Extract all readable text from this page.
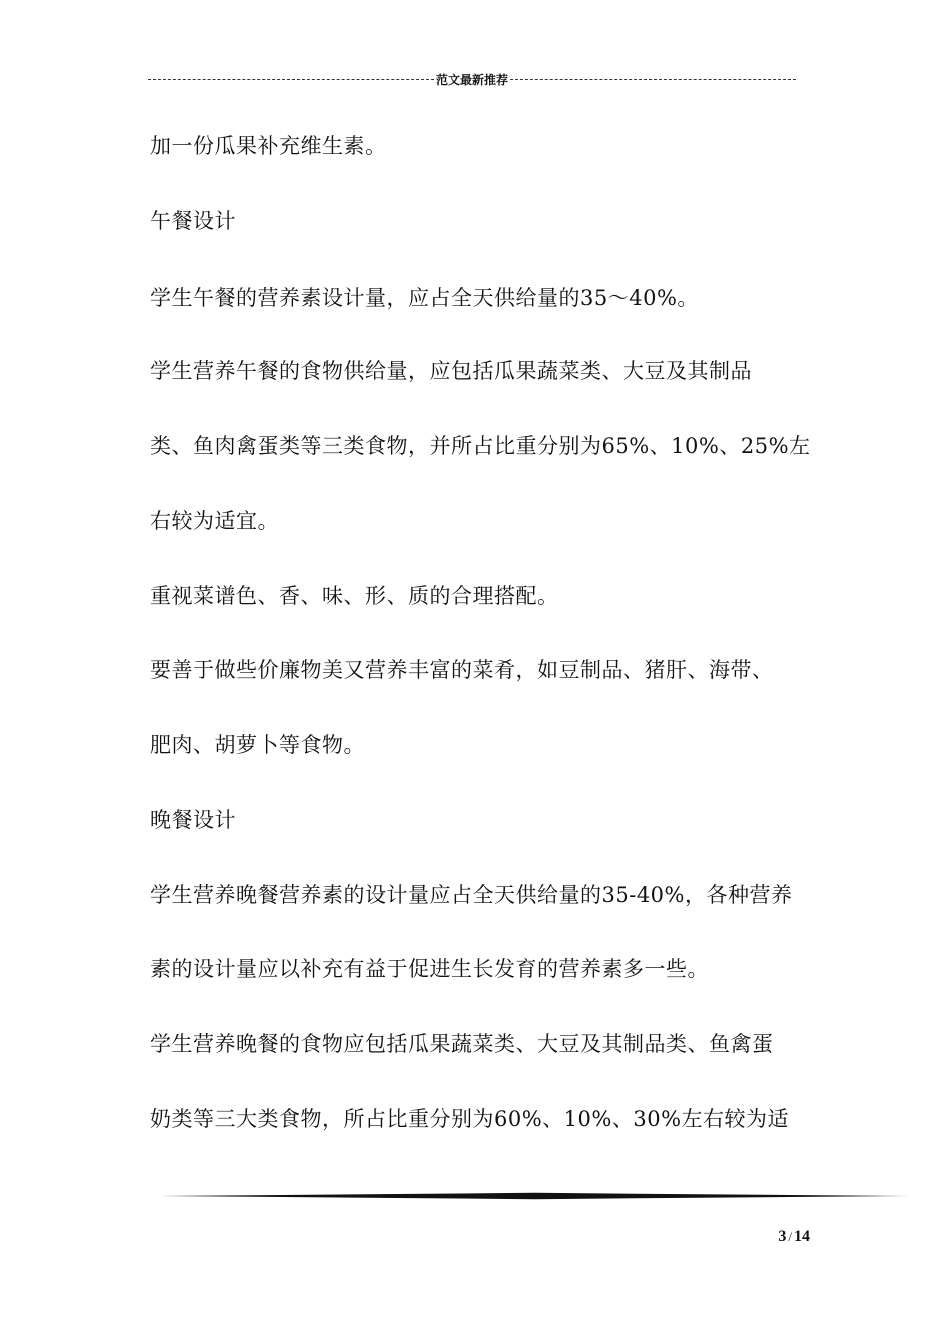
范文最新推荐
加一份瓜果补充维生素。
午餐设计
学生午餐的营养素设计量，应占全天供给量的35～40%。
学生营养午餐的食物供给量，应包括瓜果蔬菜类、大豆及其制品
类、鱼肉禽蛋类等三类食物，并所占比重分别为65%、10%、25%左
右较为适宜。
重视菜谱色、香、味、形、质的合理搭配。
要善于做些价廉物美又营养丰富的菜肴，如豆制品、猪肝、海带、
肥肉、胡萝卜等食物。
晚餐设计
学生营养晚餐营养素的设计量应占全天供给量的35-40%，各种营养
素的设计量应以补充有益于促进生长发育的营养素多一些。
学生营养晚餐的食物应包括瓜果蔬菜类、大豆及其制品类、鱼禽蛋
奶类等三大类食物，所占比重分别为60%、10%、30%左右较为适
3 / 14
